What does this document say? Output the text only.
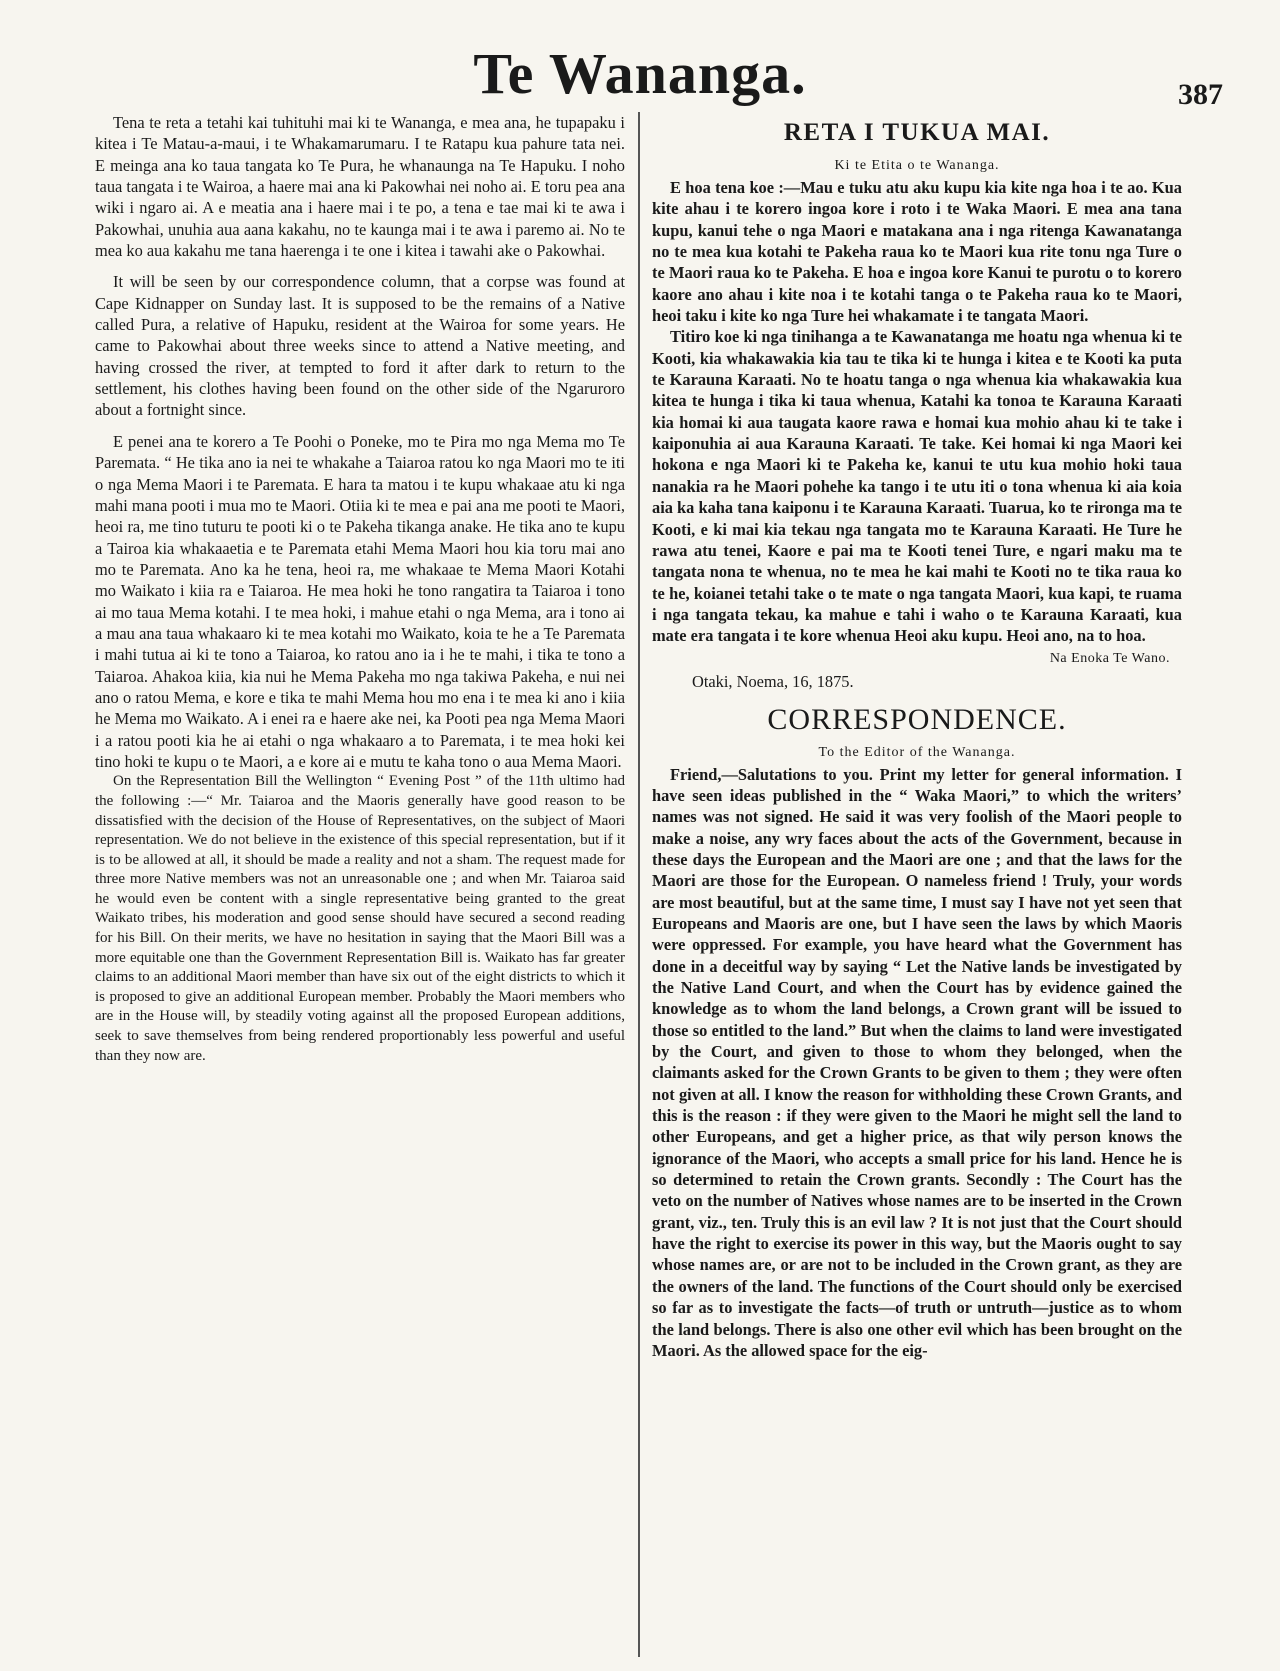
Te Wananga.	387

Tena te reta a tetahi kai tuhituhi mai ki te Wananga, e mea ana, he tupapaku i kitea i Te Matau-a-maui, i te Whakamarumaru. I te Ratapu kua pahure tata nei. E meinga ana ko taua tangata ko Te Pura, he whanaunga na Te Hapuku. I noho taua tangata i te Wairoa, a haere mai ana ki Pakowhai nei noho ai. E toru pea ana wiki i ngaro ai. A e meatia ana i haere mai i te po, a tena e tae mai ki te awa i Pakowhai, unuhia aua aana kakahu, no te kaunga mai i te awa i paremo ai. No te mea ko aua kakahu me tana haerenga i te one i kitea i tawahi ake o Pakowhai.

It will be seen by our correspondence column, that a corpse was found at Cape Kidnapper on Sunday last. It is supposed to be the remains of a Native called Pura, a relative of Hapuku, resident at the Wairoa for some years. He came to Pakowhai about three weeks since to attend a Native meeting, and having crossed the river, at tempted to ford it after dark to return to the settlement, his clothes having been found on the other side of the Ngaruroro about a fortnight since.

E penei ana te korero a Te Poohi o Poneke, mo te Pira mo nga Mema mo Te Paremata. “ He tika ano ia nei te whakahe a Taiaroa ratou ko nga Maori mo te iti o nga Mema Maori i te Paremata. E hara ta matou i te kupu whakaae atu ki nga mahi mana pooti i mua mo te Maori. Otiia ki te mea e pai ana me pooti te Maori, heoi ra, me tino tuturu te pooti ki o te Pakeha tikanga anake. He tika ano te kupu a Tairoa kia whakaaetia e te Paremata etahi Mema Maori hou kia toru mai ano mo te Paremata. Ano ka he tena, heoi ra, me whakaae te Mema Maori Kotahi mo Waikato i kiia ra e Taiaroa. He mea hoki he tono rangatira ta Taiaroa i tono ai mo taua Mema kotahi. I te mea hoki, i mahue etahi o nga Mema, ara i tono ai a mau ana taua whakaaro ki te mea kotahi mo Waikato, koia te he a Te Paremata i mahi tutua ai ki te tono a Taiaroa, ko ratou ano ia i he te mahi, i tika te tono a Taiaroa. Ahakoa kiia, kia nui he Mema Pakeha mo nga takiwa Pakeha, e nui nei ano o ratou Mema, e kore e tika te mahi Mema hou mo ena i te mea ki ano i kiia he Mema mo Waikato. A i enei ra e haere ake nei, ka Pooti pea nga Mema Maori i a ratou pooti kia he ai etahi o nga whakaaro a to Paremata, i te mea hoki kei tino hoki te kupu o te Maori, a e kore ai e mutu te kaha tono o aua Mema Maori.

On the Representation Bill the Wellington “ Evening Post ” of the 11th ultimo had the following :—“ Mr. Taiaroa and the Maoris generally have good reason to be dissatisfied with the decision of the House of Representatives, on the subject of Maori representation. We do not believe in the existence of this special representation, but if it is to be allowed at all, it should be made a reality and not a sham. The request made for three more Native members was not an unreasonable one ; and when Mr. Taiaroa said he would even be content with a single representative being granted to the great Waikato tribes, his moderation and good sense should have secured a second reading for his Bill. On their merits, we have no hesitation in saying that the Maori Bill was a more equitable one than the Government Representation Bill is. Waikato has far greater claims to an additional Maori member than have six out of the eight districts to which it is proposed to give an additional European member. Probably the Maori members who are in the House will, by steadily voting against all the proposed European additions, seek to save themselves from being rendered proportionably less powerful and useful than they now are.

RETA I TUKUA MAI.
Ki te Etita o te Wananga.

E hoa tena koe :—Mau e tuku atu aku kupu kia kite nga hoa i te ao. Kua kite ahau i te korero ingoa kore i roto i te Waka Maori. E mea ana tana kupu, kanui tehe o nga Maori e matakana ana i nga ritenga Kawanatanga no te mea kua kotahi te Pakeha raua ko te Maori kua rite tonu nga Ture o te Maori raua ko te Pakeha. E hoa e ingoa kore Kanui te purotu o to korero kaore ano ahau i kite noa i te kotahi tanga o te Pakeha raua ko te Maori, heoi taku i kite ko nga Ture hei whakamate i te tangata Maori.

Titiro koe ki nga tinihanga a te Kawanatanga me hoatu nga whenua ki te Kooti, kia whakawakia kia tau te tika ki te hunga i kitea e te Kooti ka puta te Karauna Karaati. No te hoatu tanga o nga whenua kia whakawakia kua kitea te hunga i tika ki taua whenua, Katahi ka tonoa te Karauna Karaati kia homai ki aua taugata kaore rawa e homai kua mohio ahau ki te take i kaiponuhia ai aua Karauna Karaati. Te take. Kei homai ki nga Maori kei hokona e nga Maori ki te Pakeha ke, kanui te utu kua mohio hoki taua nanakia ra he Maori pohehe ka tango i te utu iti o tona whenua ki aia koia aia ka kaha tana kaiponu i te Karauna Karaati. Tuarua, ko te rironga ma te Kooti, e ki mai kia tekau nga tangata mo te Karauna Karaati. He Ture he rawa atu tenei, Kaore e pai ma te Kooti tenei Ture, e ngari maku ma te tangata nona te whenua, no te mea he kai mahi te Kooti no te tika raua ko te he, koianei tetahi take o te mate o nga tangata Maori, kua kapi, te ruama i nga tangata tekau, ka mahue e tahi i waho o te Karauna Karaati, kua mate era tangata i te kore whenua Heoi aku kupu. Heoi ano, na to hoa.

Na Enoka Te Wano.
Otaki, Noema, 16, 1875.
CORRESPONDENCE.
To the Editor of the Wananga.

Friend,—Salutations to you. Print my letter for general information. I have seen ideas published in the “ Waka Maori,” to which the writers’ names was not signed. He said it was very foolish of the Maori people to make a noise, any wry faces about the acts of the Government, because in these days the European and the Maori are one ; and that the laws for the Maori are those for the European. O nameless friend ! Truly, your words are most beautiful, but at the same time, I must say I have not yet seen that Europeans and Maoris are one, but I have seen the laws by which Maoris were oppressed. For example, you have heard what the Government has done in a deceitful way by saying “ Let the Native lands be investigated by the Native Land Court, and when the Court has by evidence gained the knowledge as to whom the land belongs, a Crown grant will be issued to those so entitled to the land.” But when the claims to land were investigated by the Court, and given to those to whom they belonged, when the claimants asked for the Crown Grants to be given to them ; they were often not given at all. I know the reason for withholding these Crown Grants, and this is the reason : if they were given to the Maori he might sell the land to other Europeans, and get a higher price, as that wily person knows the ignorance of the Maori, who accepts a small price for his land. Hence he is so determined to retain the Crown grants. Secondly : The Court has the veto on the number of Natives whose names are to be inserted in the Crown grant, viz., ten. Truly this is an evil law ? It is not just that the Court should have the right to exercise its power in this way, but the Maoris ought to say whose names are, or are not to be included in the Crown grant, as they are the owners of the land. The functions of the Court should only be exercised so far as to investigate the facts—of truth or untruth—justice as to whom the land belongs. There is also one other evil which has been brought on the Maori. As the allowed space for the eig-
